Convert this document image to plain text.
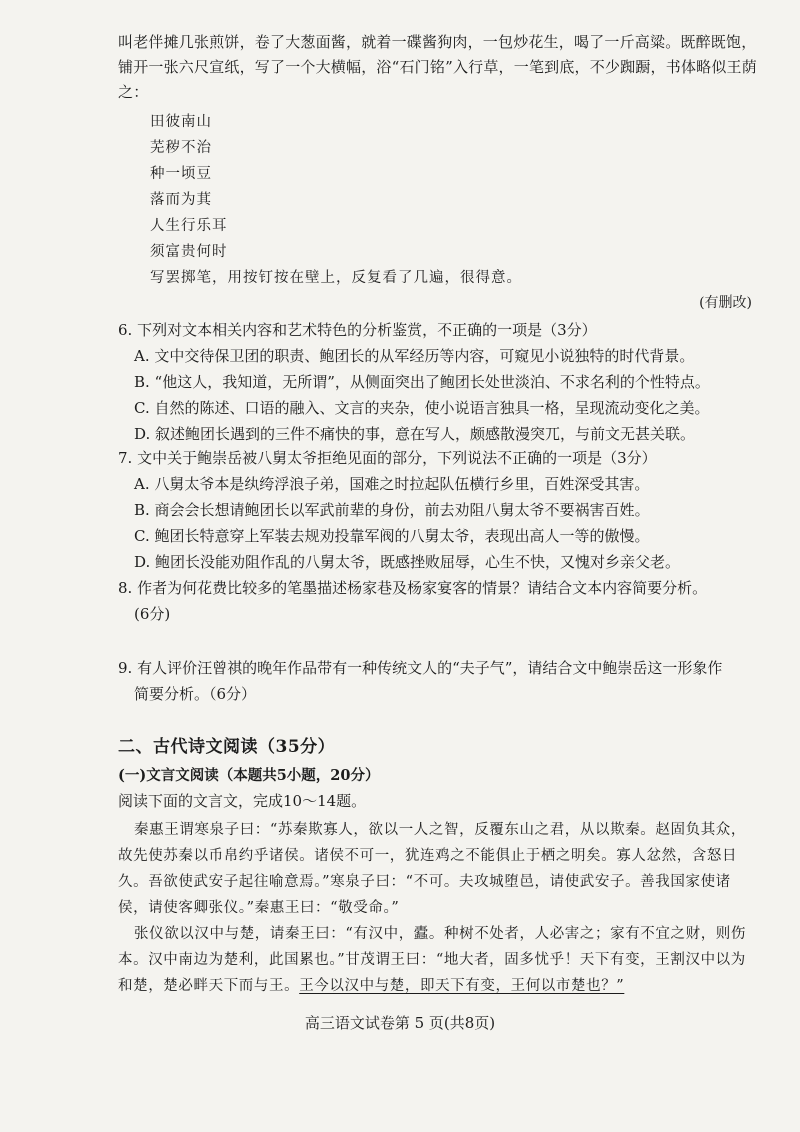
叫老伴摊几张煎饼，卷了大葱面酱，就着一碟酱狗肉，一包炒花生，喝了一斤高粱。既醉既饱，
铺开一张六尺宣纸，写了一个大横幅，浴“石门铭”入行草，一笔到底，不少踟蹰，书体略似王荫
之：
田彼南山
芜秽不治
种一顷豆
落而为萁
人生行乐耳
须富贵何时
写罢掷笔，用按钉按在壁上，反复看了几遍，很得意。
(有删改)
6. 下列对文本相关内容和艺术特色的分析鉴赏，不正确的一项是（3分）
A. 文中交待保卫团的职责、鲍团长的从军经历等内容，可窥见小说独特的时代背景。
B. “他这人，我知道，无所谓”，从侧面突出了鲍团长处世淡泊、不求名利的个性特点。
C. 自然的陈述、口语的融入、文言的夹杂，使小说语言独具一格，呈现流动变化之美。
D. 叙述鲍团长遇到的三件不痛快的事，意在写人，颇感散漫突兀，与前文无甚关联。
7. 文中关于鲍崇岳被八舅太爷拒绝见面的部分，下列说法不正确的一项是（3分）
A. 八舅太爷本是纨绔浮浪子弟，国难之时拉起队伍横行乡里，百姓深受其害。
B. 商会会长想请鲍团长以军武前辈的身份，前去劝阻八舅太爷不要祸害百姓。
C. 鲍团长特意穿上军装去规劝投靠军阀的八舅太爷，表现出高人一等的傲慢。
D. 鲍团长没能劝阻作乱的八舅太爷，既感挫败屈辱，心生不快，又愧对乡亲父老。
8. 作者为何花费比较多的笔墨描述杨家巷及杨家宴客的情景？请结合文本内容简要分析。
(6分)
9. 有人评价汪曾祺的晚年作品带有一种传统文人的“夫子气”，请结合文中鲍崇岳这一形象作
简要分析。（6分）
二、古代诗文阅读（35分）
(一)文言文阅读（本题共5小题，20分）
阅读下面的文言文，完成10～14题。
秦惠王谓寒泉子曰：“苏秦欺寡人，欲以一人之智，反覆东山之君，从以欺秦。赵固负其众，
故先使苏秦以币帛约乎诸侯。诸侯不可一，犹连鸡之不能俱止于栖之明矣。寡人忿然，含怒日
久。吾欲使武安子起往喻意焉。”寒泉子曰：“不可。夫攻城堕邑，请使武安子。善我国家使诸
侯，请使客卿张仪。”秦惠王曰：“敬受命。”
张仪欲以汉中与楚，请秦王曰：“有汉中，蠹。种树不处者，人必害之；家有不宜之财，则伤
本。汉中南边为楚利，此国累也。”甘茂谓王曰：“地大者，固多忧乎！天下有变，王割汉中以为
和楚，楚必畔天下而与王。王今以汉中与楚，即天下有变，王何以市楚也？”
高三语文试卷第 5 页(共8页)
